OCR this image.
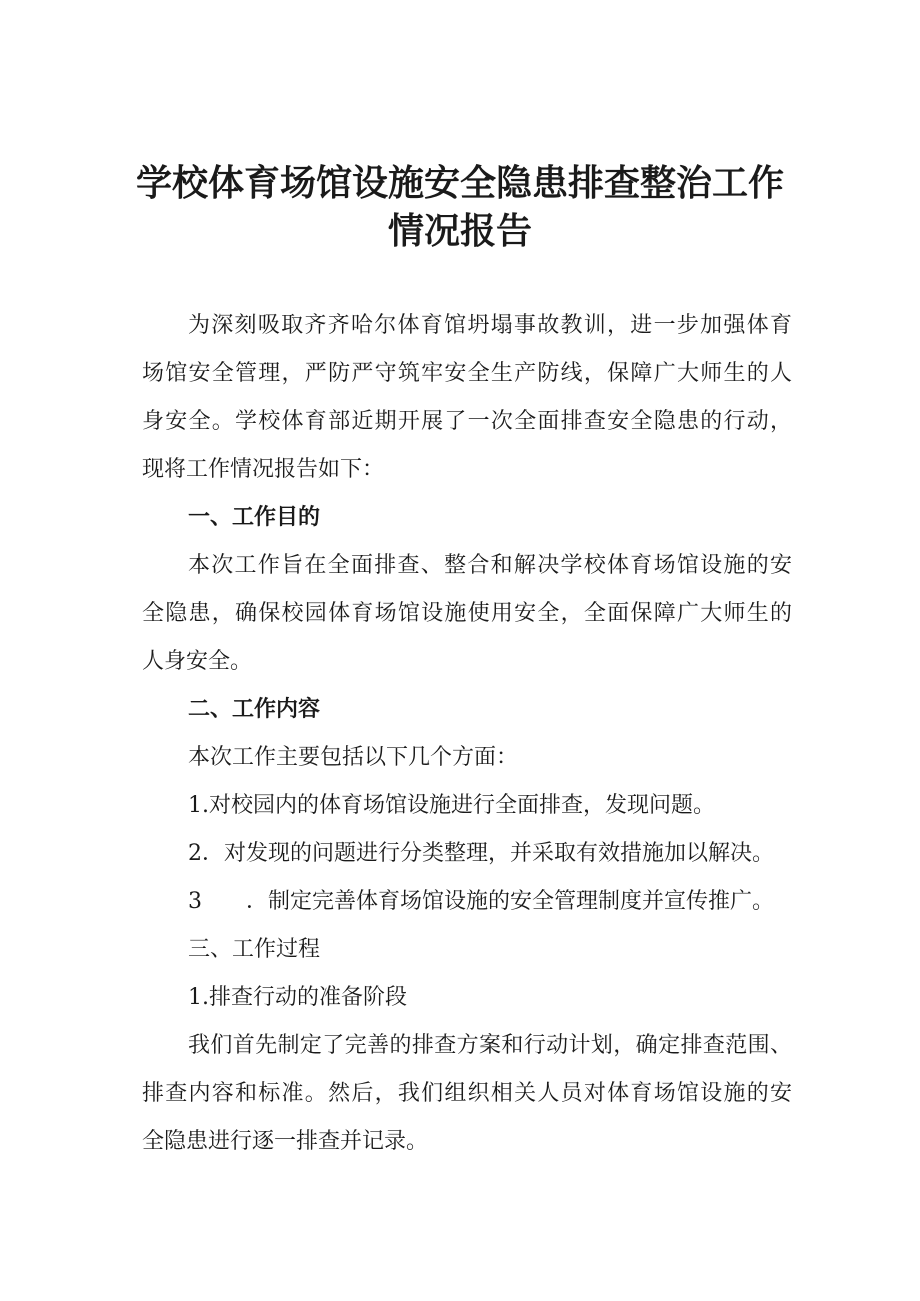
学校体育场馆设施安全隐患排查整治工作
情况报告
为深刻吸取齐齐哈尔体育馆坍塌事故教训，进一步加强体育
场馆安全管理，严防严守筑牢安全生产防线，保障广大师生的人
身安全。学校体育部近期开展了一次全面排查安全隐患的行动，
现将工作情况报告如下：
一、工作目的
本次工作旨在全面排查、整合和解决学校体育场馆设施的安
全隐患，确保校园体育场馆设施使用安全，全面保障广大师生的
人身安全。
二、工作内容
本次工作主要包括以下几个方面：
1.对校园内的体育场馆设施进行全面排查，发现问题。
2．对发现的问题进行分类整理，并采取有效措施加以解决。
3 ．制定完善体育场馆设施的安全管理制度并宣传推广。
三、工作过程
1.排查行动的准备阶段
我们首先制定了完善的排查方案和行动计划，确定排查范围、
排查内容和标准。然后，我们组织相关人员对体育场馆设施的安
全隐患进行逐一排查并记录。
